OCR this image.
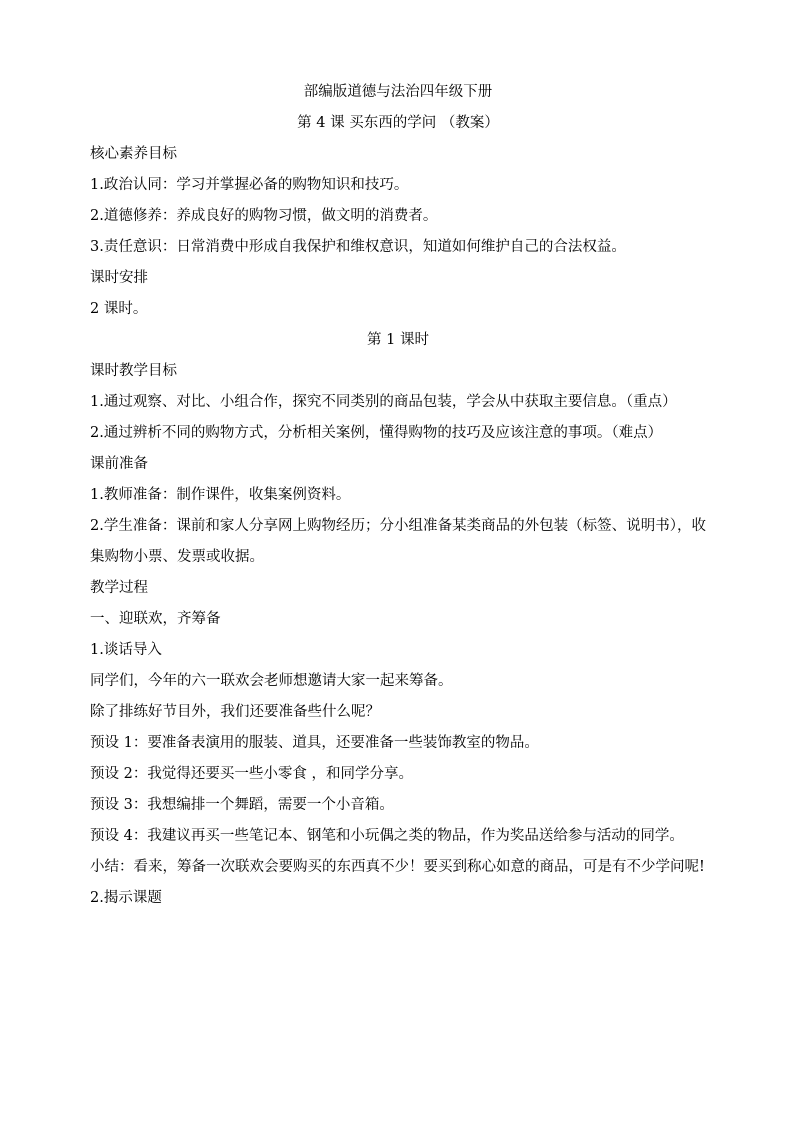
部编版道德与法治四年级下册

第 4 课 买东西的学问 （教案）

核心素养目标

1.政治认同：学习并掌握必备的购物知识和技巧。

2.道德修养：养成良好的购物习惯，做文明的消费者。

3.责任意识：日常消费中形成自我保护和维权意识，知道如何维护自己的合法权益。

课时安排

2 课时。

第 1 课时

课时教学目标

1.通过观察、对比、小组合作，探究不同类别的商品包装，学会从中获取主要信息。（重点）

2.通过辨析不同的购物方式，分析相关案例，懂得购物的技巧及应该注意的事项。（难点）

课前准备

1.教师准备：制作课件，收集案例资料。

2.学生准备：课前和家人分享网上购物经历；分小组准备某类商品的外包装（标签、说明书），收集购物小票、发票或收据。

教学过程

一、迎联欢，齐筹备

1.谈话导入

同学们，今年的六一联欢会老师想邀请大家一起来筹备。

除了排练好节目外，我们还要准备些什么呢？

预设 1：要准备表演用的服装、道具，还要准备一些装饰教室的物品。

预设 2：我觉得还要买一些小零食 ，和同学分享。

预设 3：我想编排一个舞蹈，需要一个小音箱。

预设 4：我建议再买一些笔记本、钢笔和小玩偶之类的物品，作为奖品送给参与活动的同学。

小结：看来，筹备一次联欢会要购买的东西真不少！要买到称心如意的商品，可是有不少学问呢!

2.揭示课题
